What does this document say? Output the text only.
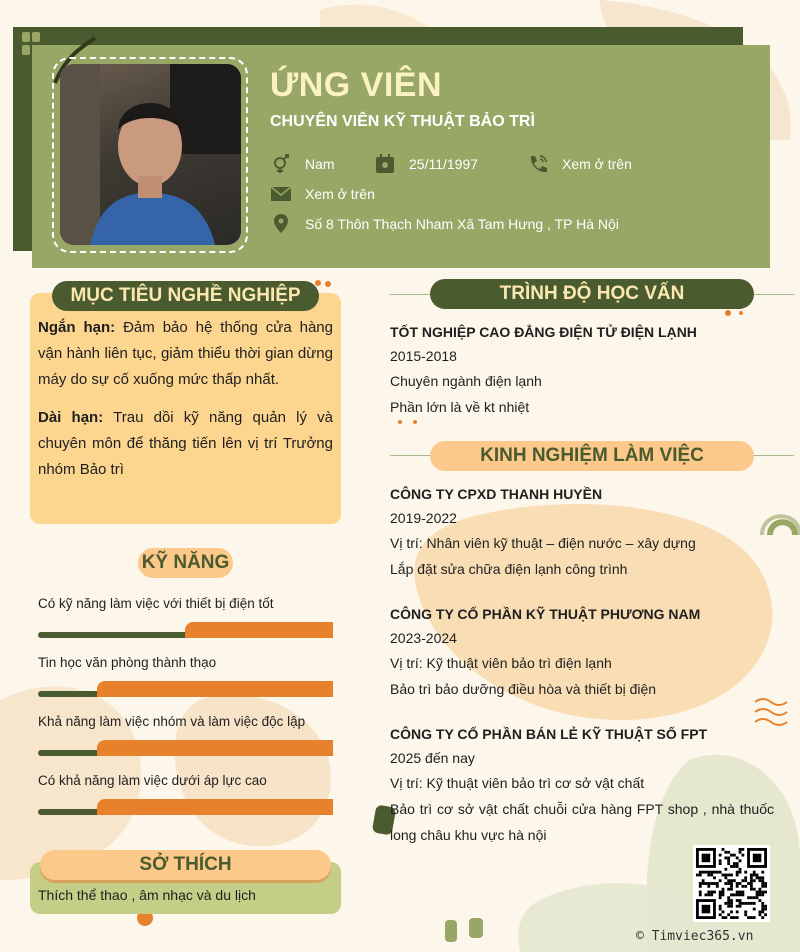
ỨNG VIÊN
CHUYÊN VIÊN KỸ THUẬT BẢO TRÌ
Nam	25/11/1997	Xem ở trên
Xem ở trên
Số 8 Thôn Thạch Nham Xã Tam Hưng , TP Hà Nội

Ngắn hạn: Đảm bảo hệ thống cửa hàng vận hành liên tục, giảm thiểu thời gian dừng máy do sự cố xuống mức thấp nhất.

Dài hạn: Trau dồi kỹ năng quản lý và chuyên môn để thăng tiến lên vị trí Trưởng nhóm Bảo trì

MỤC TIÊU NGHỀ NGHIỆP
KỸ NĂNG
Có kỹ năng làm việc với thiết bị điện tốt
Tin học văn phòng thành thạo
Khả năng làm việc nhóm và làm việc độc lập
Có khả năng làm việc dưới áp lực cao
Thích thể thao , âm nhạc và du lịch
SỞ THÍCH
TRÌNH ĐỘ HỌC VẤN
TỐT NGHIỆP CAO ĐẲNG ĐIỆN TỬ ĐIỆN LẠNH
2015-2018
Chuyên ngành điện lạnh
Phần lớn là về kt nhiệt
KINH NGHIỆM LÀM VIỆC
CÔNG TY CPXD THANH HUYỀN
2019-2022
Vị trí: Nhân viên kỹ thuật – điện nước – xây dựng
Lắp đặt sửa chữa điện lạnh công trình
CÔNG TY CỔ PHẦN KỸ THUẬT PHƯƠNG NAM
2023-2024
Vị trí: Kỹ thuật viên bảo trì điện lạnh
Bảo trì bảo dưỡng điều hòa và thiết bị điện
CÔNG TY CỔ PHẦN BÁN LẺ KỸ THUẬT SỐ FPT
2025 đến nay
Vị trí: Kỹ thuật viên bảo trì cơ sở vật chất
Bảo trì cơ sở vật chất chuỗi cửa hàng FPT shop , nhà thuốc long châu khu vực hà nội
© Timviec365.vn
